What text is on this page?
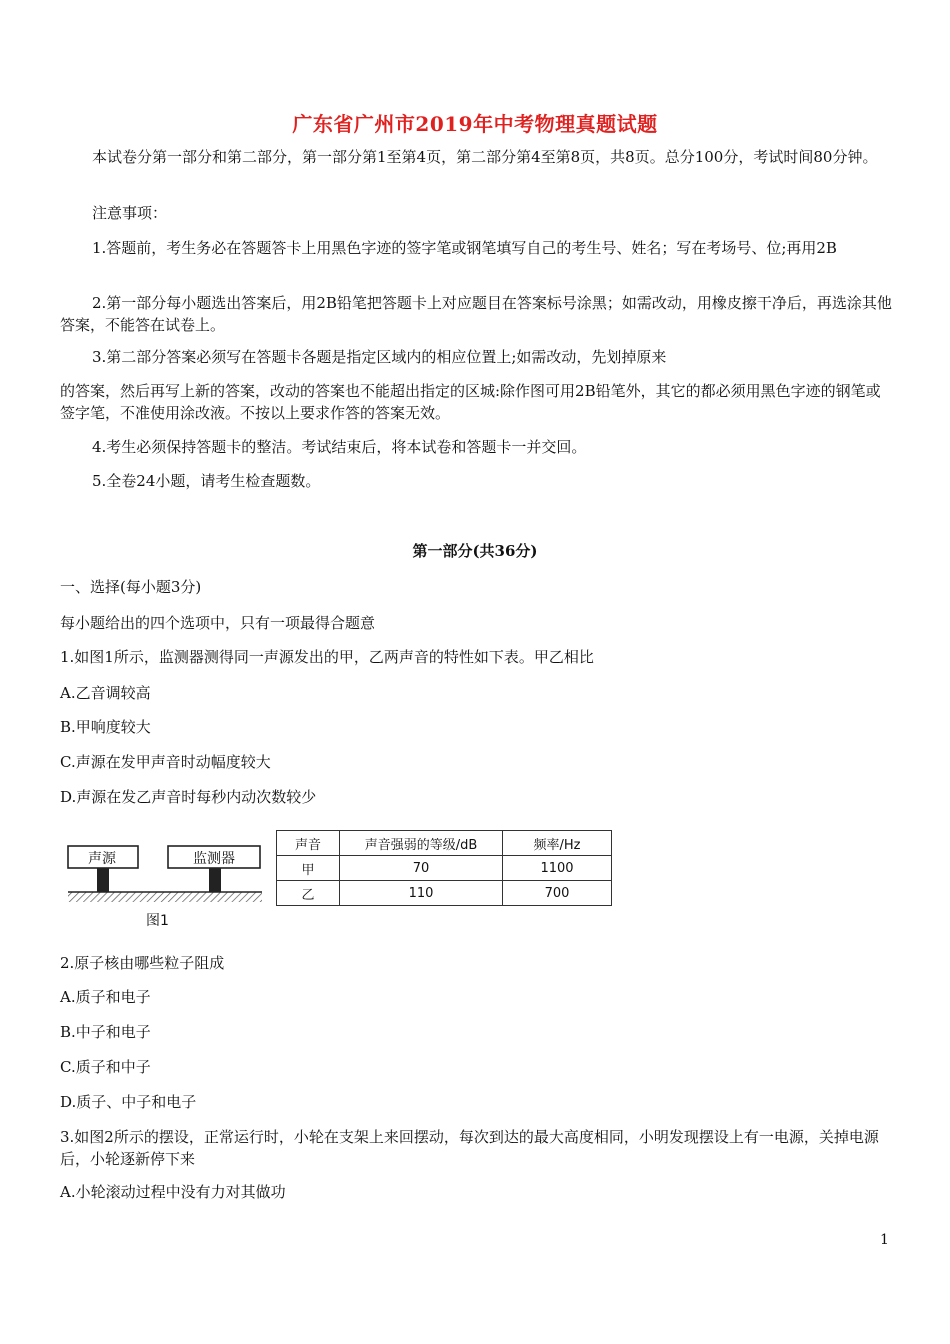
广东省广州市2019年中考物理真题试题
本试卷分第一部分和第二部分，第一部分第1至第4页，第二部分第4至第8页，共8页。总分100分，考试时间80分钟。
注意事项：
1.答题前，考生务必在答题答卡上用黑色字迹的签字笔或钢笔填写自己的考生号、姓名；写在考场号、位;再用2B
2.第一部分每小题选出答案后，用2B铅笔把答题卡上对应题目在答案标号涂黑；如需改动，用橡皮擦干净后，再选涂其他答案，不能答在试卷上。
3.第二部分答案必须写在答题卡各题是指定区域内的相应位置上;如需改动，先划掉原来
的答案，然后再写上新的答案，改动的答案也不能超出指定的区城:除作图可用2B铅笔外，其它的都必须用黑色字迹的钢笔或签字笔，不准使用涂改液。不按以上要求作答的答案无效。
4.考生必须保持答题卡的整洁。考试结束后，将本试卷和答题卡一并交回。
5.全卷24小题，请考生检查题数。
第一部分(共36分)
一、选择(每小题3分)
每小题给出的四个选项中，只有一项最得合题意
1.如图1所示，监测器测得同一声源发出的甲，乙两声音的特性如下表。甲乙相比
A.乙音调较高
B.甲响度较大
C.声源在发甲声音时动幅度较大
D.声源在发乙声音时每秒内动次数较少
声源	监测器
图1
声音	声音强弱的等级/dB	频率/Hz
甲	70	1100
乙	110	700
2.原子核由哪些粒子阻成
A.质子和电子
B.中子和电子
C.质子和中子
D.质子、中子和电子
3.如图2所示的摆设，正常运行时，小轮在支架上来回摆动，每次到达的最大高度相同，小明发现摆设上有一电源，关掉电源后，小轮逐新停下来
A.小轮滚动过程中没有力对其做功
1
